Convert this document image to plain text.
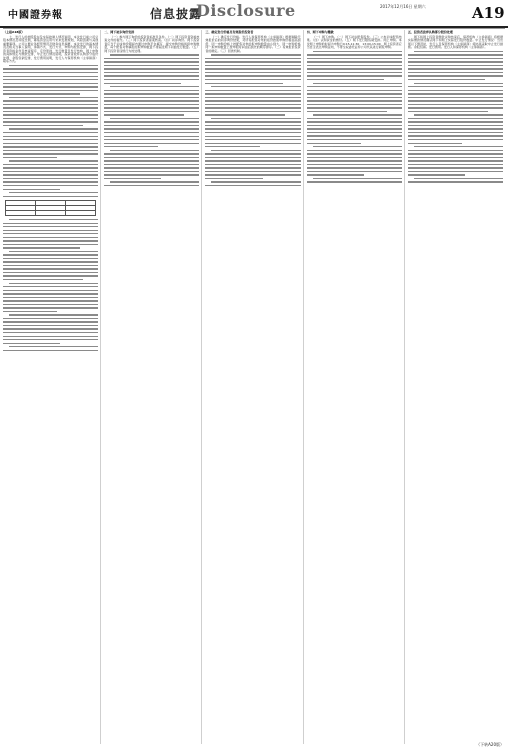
中國證券報	信息披露
Disclosure	2017年12月16日 星期六	A19

（上接A18版）

七、发行人的控股股东及实际控制人情况说明，本次发行前公司总股本情况及持股比例，募集资金运用与未来发展规划，风险因素与其他重要事项。公司主要业务经营情况及财务信息摘要，本次发行的基本情况及相关当事人说明，承销方式、发行方式、申购与配售安排，网下投资者资格条件及核查程序，定价原则、发行数量及发行结构，网上申购的具体规定与缴款安排，中止发行情况说明，投资者放弃认购部分股份处理，余股包销安排，发行费用说明，发行人与保荐机构（主承销商）联系方式。

二、网下初步询价安排

（一）参与网下询价的投资者标准及条件。（二）网下投资者资格核查文件的提交。（三）网下投资者备案核查。（四）初步询价。网下投资者应当于初步询价期间内通过申购平台填写、提交申购价格和拟申购数量，每个配售对象填报的拟申购数量不得超过网下初始发行数量。（五）网下投资者违规行为的处理。

三、确定发行价格及有效报价投资者

（一）确定发行价格。发行人和保荐机构（主承销商）根据剔除无效报价后的初步询价结果，对所有配售对象的报价按照申购价格由高到低、同一申购价格上按配售对象的拟申购数量由小到大、同一申购价格同一拟申购数量上按申报时间由后到先的顺序排序。（二）有效报价投资者的确定。（三）回拨机制。

四、网下申购与缴款

（一）网下申购。（二）网下初步配售股份。（三）公布初步配售结果。（四）认购资金的缴付。（五）网下发行限售期安排。网上申购。本次网上申购的时间为申购日9:15-11:30、13:00-15:00，网上投资者应当自主表达申购意向，不得全权委托证券公司代其进行新股申购。

五、投资者放弃认购部分股份处理

网下和网上投资者缴款认购结束后，保荐机构（主承销商）将根据实际缴款情况确认网下和网上实际发行股份数量。中止发行情况：当出现以下情况时，发行人及保荐机构（主承销商）将协商采取中止发行措施。余股包销。发行费用。发行人和保荐机构（主承销商）。

（下转A20版）
